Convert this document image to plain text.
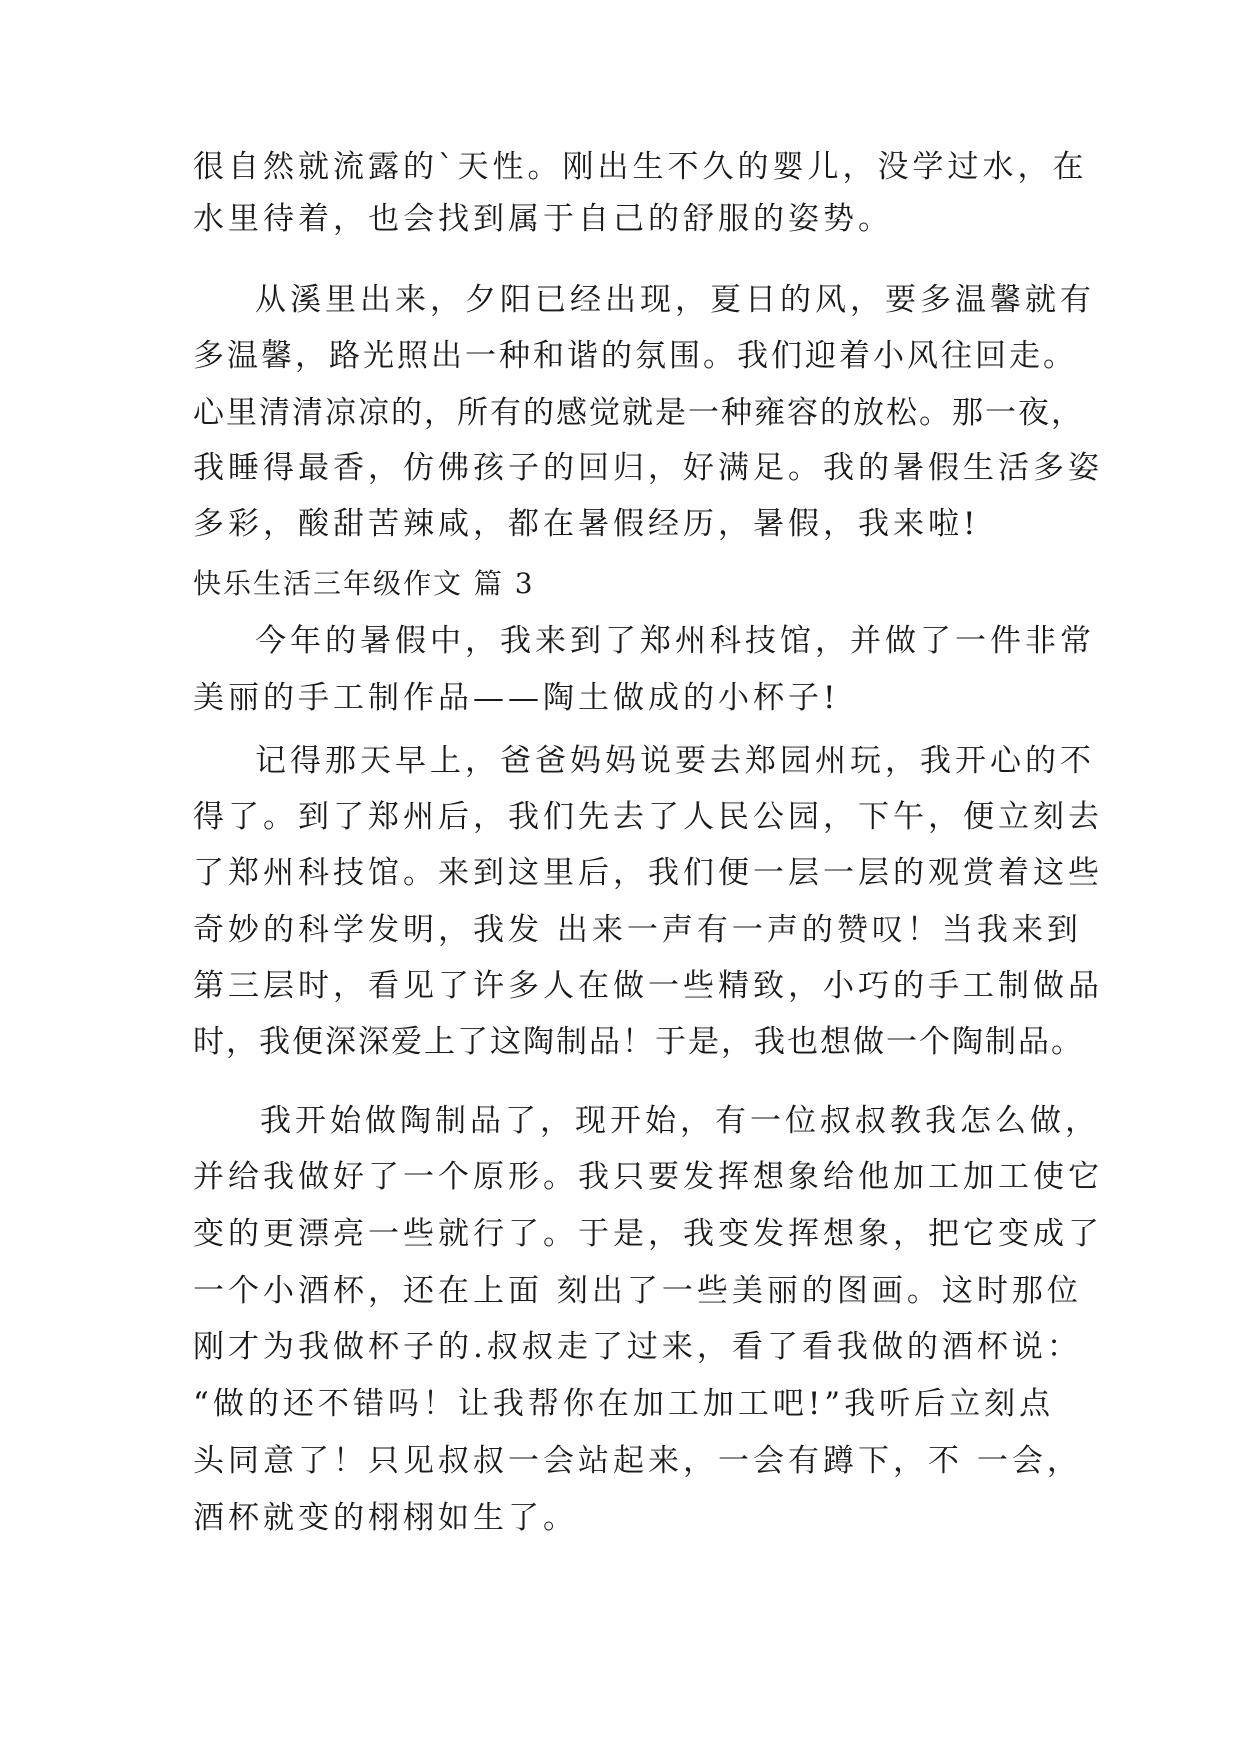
很自然就流露的`天性。刚出生不久的婴儿，没学过水，在
水里待着，也会找到属于自己的舒服的姿势。
从溪里出来，夕阳已经出现，夏日的风，要多温馨就有
多温馨，路光照出一种和谐的氛围。我们迎着小风往回走。
心里清清凉凉的，所有的感觉就是一种雍容的放松。那一夜，
我睡得最香，仿佛孩子的回归，好满足。我的暑假生活多姿
多彩，酸甜苦辣咸，都在暑假经历，暑假，我来啦!
快乐生活三年级作文 篇 3
今年的暑假中，我来到了郑州科技馆，并做了一件非常
美丽的手工制作品——陶土做成的小杯子!
记得那天早上，爸爸妈妈说要去郑园州玩，我开心的不
得了。到了郑州后，我们先去了人民公园，下午，便立刻去
了郑州科技馆。来到这里后，我们便一层一层的观赏着这些
奇妙的科学发明，我发 出来一声有一声的赞叹！当我来到
第三层时，看见了许多人在做一些精致，小巧的手工制做品
时，我便深深爱上了这陶制品！于是，我也想做一个陶制品。
我开始做陶制品了，现开始，有一位叔叔教我怎么做，
并给我做好了一个原形。我只要发挥想象给他加工加工使它
变的更漂亮一些就行了。于是，我变发挥想象，把它变成了
一个小酒杯，还在上面 刻出了一些美丽的图画。这时那位
刚才为我做杯子的.叔叔走了过来，看了看我做的酒杯说：
“做的还不错吗！让我帮你在加工加工吧!”我听后立刻点
头同意了！只见叔叔一会站起来，一会有蹲下，不 一会，
酒杯就变的栩栩如生了。
